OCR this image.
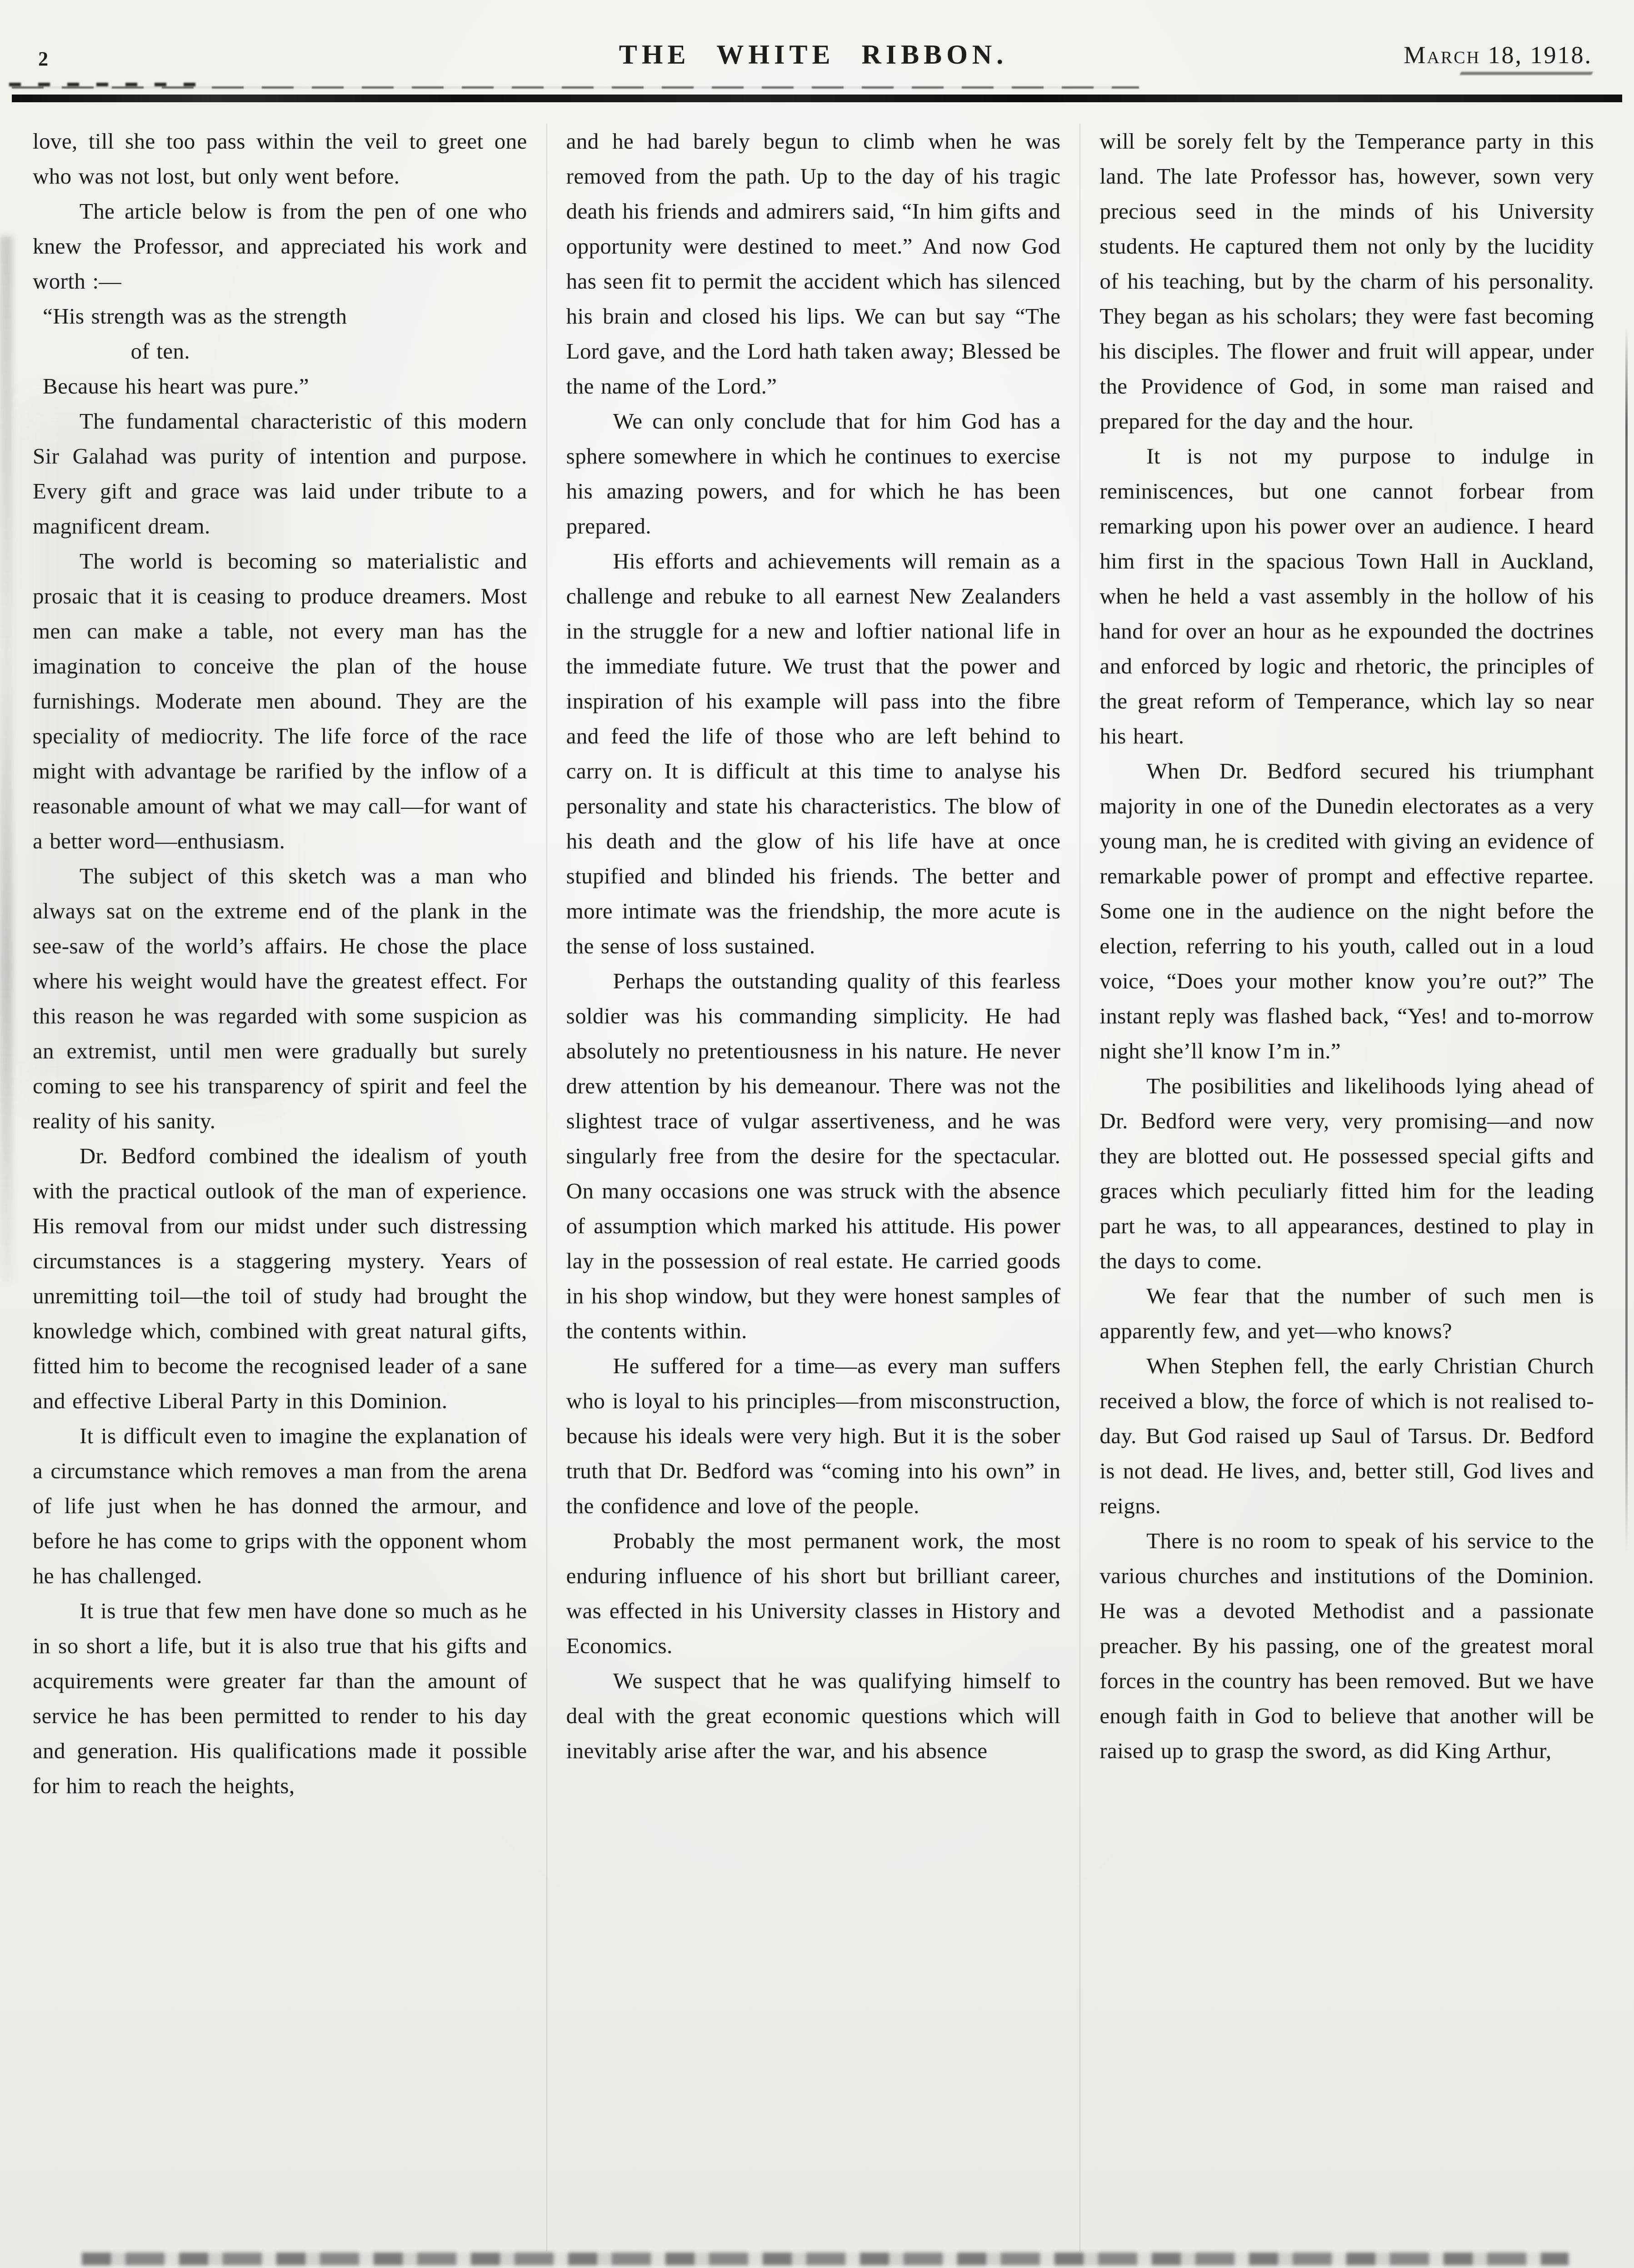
2	THE WHITE RIBBON.	March 18, 1918.

love, till she too pass within the veil to greet one who was not lost, but only went before.

The article below is from the pen of one who knew the Professor, and appreciated his work and worth :—

“His strength was as the strength

of ten.

Because his heart was pure.”

The fundamental characteristic of this modern Sir Galahad was purity of intention and purpose. Every gift and grace was laid under tribute to a magnificent dream.

The world is becoming so materialistic and prosaic that it is ceasing to produce dreamers. Most men can make a table, not every man has the imagination to conceive the plan of the house furnishings. Moderate men abound. They are the speciality of mediocrity. The life force of the race might with advantage be rarified by the inflow of a reasonable amount of what we may call—for want of a better word—enthusiasm.

The subject of this sketch was a man who always sat on the extreme end of the plank in the see-saw of the world’s affairs. He chose the place where his weight would have the greatest effect. For this reason he was regarded with some suspicion as an extremist, until men were gradually but surely coming to see his transparency of spirit and feel the reality of his sanity.

Dr. Bedford combined the idealism of youth with the practical outlook of the man of experience. His removal from our midst under such distressing circumstances is a staggering mystery. Years of unremitting toil—the toil of study had brought the knowledge which, combined with great natural gifts, fitted him to become the recognised leader of a sane and effective Liberal Party in this Dominion.

It is difficult even to imagine the explanation of a circumstance which removes a man from the arena of life just when he has donned the armour, and before he has come to grips with the opponent whom he has challenged.

It is true that few men have done so much as he in so short a life, but it is also true that his gifts and acquirements were greater far than the amount of service he has been permitted to render to his day and generation. His qualifications made it possible for him to reach the heights,

and he had barely begun to climb when he was removed from the path. Up to the day of his tragic death his friends and admirers said, “In him gifts and opportunity were destined to meet.” And now God has seen fit to permit the accident which has silenced his brain and closed his lips. We can but say “The Lord gave, and the Lord hath taken away; Blessed be the name of the Lord.”

We can only conclude that for him God has a sphere somewhere in which he continues to exercise his amazing powers, and for which he has been prepared.

His efforts and achievements will remain as a challenge and rebuke to all earnest New Zealanders in the struggle for a new and loftier national life in the immediate future. We trust that the power and inspiration of his example will pass into the fibre and feed the life of those who are left behind to carry on. It is difficult at this time to analyse his personality and state his characteristics. The blow of his death and the glow of his life have at once stupified and blinded his friends. The better and more intimate was the friendship, the more acute is the sense of loss sustained.

Perhaps the outstanding quality of this fearless soldier was his commanding simplicity. He had absolutely no pretentiousness in his nature. He never drew attention by his demeanour. There was not the slightest trace of vulgar assertiveness, and he was singularly free from the desire for the spectacular. On many occasions one was struck with the absence of assumption which marked his attitude. His power lay in the possession of real estate. He carried goods in his shop window, but they were honest samples of the contents within.

He suffered for a time—as every man suffers who is loyal to his principles—from misconstruction, because his ideals were very high. But it is the sober truth that Dr. Bedford was “coming into his own” in the confidence and love of the people.

Probably the most permanent work, the most enduring influence of his short but brilliant career, was effected in his University classes in History and Economics.

We suspect that he was qualifying himself to deal with the great economic questions which will inevitably arise after the war, and his absence

will be sorely felt by the Temperance party in this land. The late Professor has, however, sown very precious seed in the minds of his University students. He captured them not only by the lucidity of his teaching, but by the charm of his personality. They began as his scholars; they were fast becoming his disciples. The flower and fruit will appear, under the Providence of God, in some man raised and prepared for the day and the hour.

It is not my purpose to indulge in reminiscences, but one cannot forbear from remarking upon his power over an audience. I heard him first in the spacious Town Hall in Auckland, when he held a vast assembly in the hollow of his hand for over an hour as he expounded the doctrines and enforced by logic and rhetoric, the principles of the great reform of Temperance, which lay so near his heart.

When Dr. Bedford secured his triumphant majority in one of the Dunedin electorates as a very young man, he is credited with giving an evidence of remarkable power of prompt and effective repartee. Some one in the audience on the night before the election, referring to his youth, called out in a loud voice, “Does your mother know you’re out?” The instant reply was flashed back, “Yes! and to-morrow night she’ll know I’m in.”

The posibilities and likelihoods lying ahead of Dr. Bedford were very, very promising—and now they are blotted out. He possessed special gifts and graces which peculiarly fitted him for the leading part he was, to all appearances, destined to play in the days to come.

We fear that the number of such men is apparently few, and yet—who knows?

When Stephen fell, the early Christian Church received a blow, the force of which is not realised to-day. But God raised up Saul of Tarsus. Dr. Bedford is not dead. He lives, and, better still, God lives and reigns.

There is no room to speak of his service to the various churches and institutions of the Dominion. He was a devoted Methodist and a passionate preacher. By his passing, one of the greatest moral forces in the country has been removed. But we have enough faith in God to believe that another will be raised up to grasp the sword, as did King Arthur,
